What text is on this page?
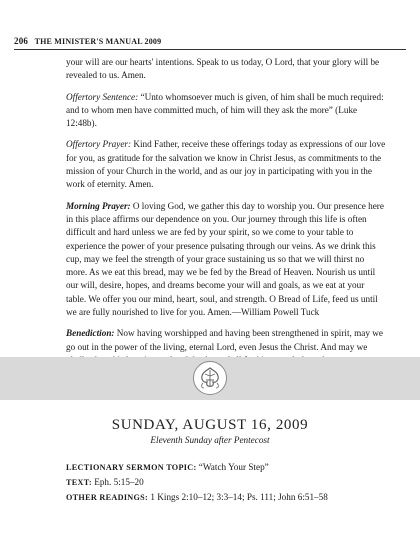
206 THE MINISTER'S MANUAL 2009

your will are our hearts' intentions. Speak to us today, O Lord, that your glory will be revealed to us. Amen.

Offertory Sentence: “Unto whomsoever much is given, of him shall be much required: and to whom men have committed much, of him will they ask the more” (Luke 12:48b).

Offertory Prayer: Kind Father, receive these offerings today as expressions of our love for you, as gratitude for the salvation we know in Christ Jesus, as commitments to the mission of your Church in the world, and as our joy in participating with you in the work of eternity. Amen.

Morning Prayer: O loving God, we gather this day to worship you. Our presence here in this place affirms our dependence on you. Our journey through this life is often difficult and hard unless we are fed by your spirit, so we come to your table to experience the power of your presence pulsating through our veins. As we drink this cup, may we feel the strength of your grace sustaining us so that we will thirst no more. As we eat this bread, may we be fed by the Bread of Heaven. Nourish us until our will, desire, hopes, and dreams become your will and goals, as we eat at your table. We offer you our mind, heart, soul, and strength. O Bread of Life, feed us until we are fully nourished to live for you. Amen.—William Powell Tuck

Benediction: Now having worshipped and having been strengthened in spirit, may we go out in the power of the living, eternal Lord, even Jesus the Christ. And may we

SUNDAY, AUGUST 16, 2009
Eleventh Sunday after Pentecost
LECTIONARY SERMON TOPIC: “Watch Your Step”
TEXT: Eph. 5:15–20
OTHER READINGS: 1 Kings 2:10–12; 3:3–14; Ps. 111; John 6:51–58
